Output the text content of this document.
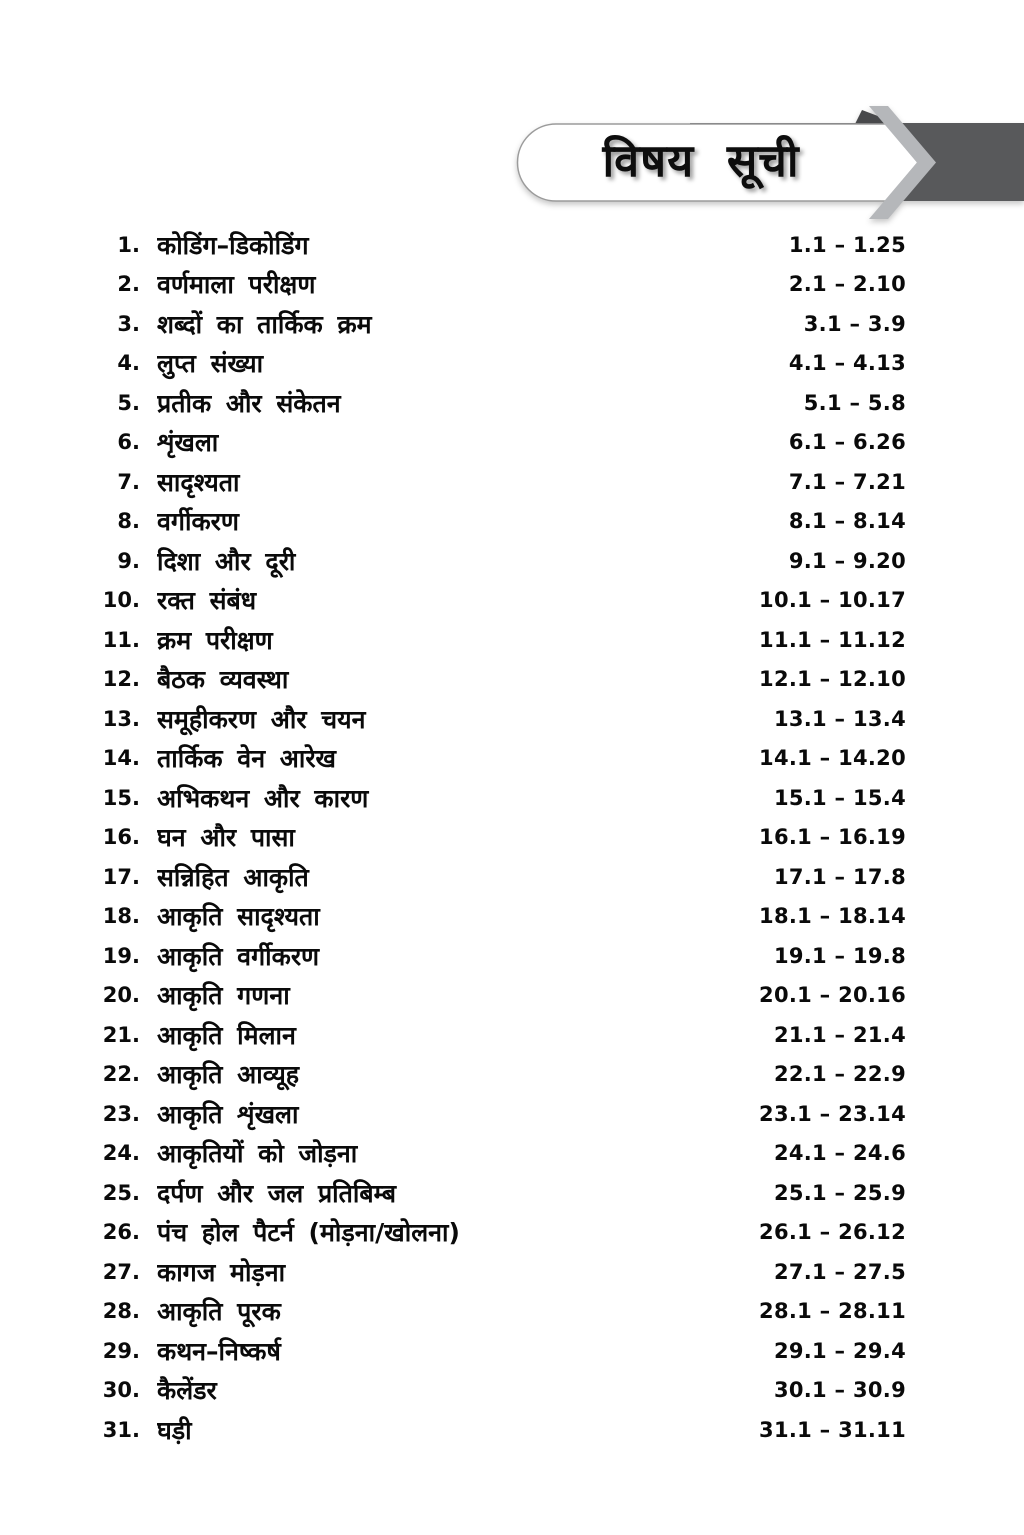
विषय सूची
1. कोडिंग–डिकोडिंग	1.1 – 1.25
2. वर्णमाला परीक्षण	2.1 – 2.10
3. शब्दों का तार्किक क्रम	3.1 – 3.9
4. लुप्त संख्या	4.1 – 4.13
5. प्रतीक और संकेतन	5.1 – 5.8
6. शृंखला	6.1 – 6.26
7. सादृश्यता	7.1 – 7.21
8. वर्गीकरण	8.1 – 8.14
9. दिशा और दूरी	9.1 – 9.20
10. रक्त संबंध	10.1 – 10.17
11. क्रम परीक्षण	11.1 – 11.12
12. बैठक व्यवस्था	12.1 – 12.10
13. समूहीकरण और चयन	13.1 – 13.4
14. तार्किक वेन आरेख	14.1 – 14.20
15. अभिकथन और कारण	15.1 – 15.4
16. घन और पासा	16.1 – 16.19
17. सन्निहित आकृति	17.1 – 17.8
18. आकृति सादृश्यता	18.1 – 18.14
19. आकृति वर्गीकरण	19.1 – 19.8
20. आकृति गणना	20.1 – 20.16
21. आकृति मिलान	21.1 – 21.4
22. आकृति आव्यूह	22.1 – 22.9
23. आकृति शृंखला	23.1 – 23.14
24. आकृतियों को जोड़ना	24.1 – 24.6
25. दर्पण और जल प्रतिबिम्ब	25.1 – 25.9
26. पंच होल पैटर्न (मोड़ना/खोलना)	26.1 – 26.12
27. कागज मोड़ना	27.1 – 27.5
28. आकृति पूरक	28.1 – 28.11
29. कथन–निष्कर्ष	29.1 – 29.4
30. कैलेंडर	30.1 – 30.9
31. घड़ी	31.1 – 31.11
